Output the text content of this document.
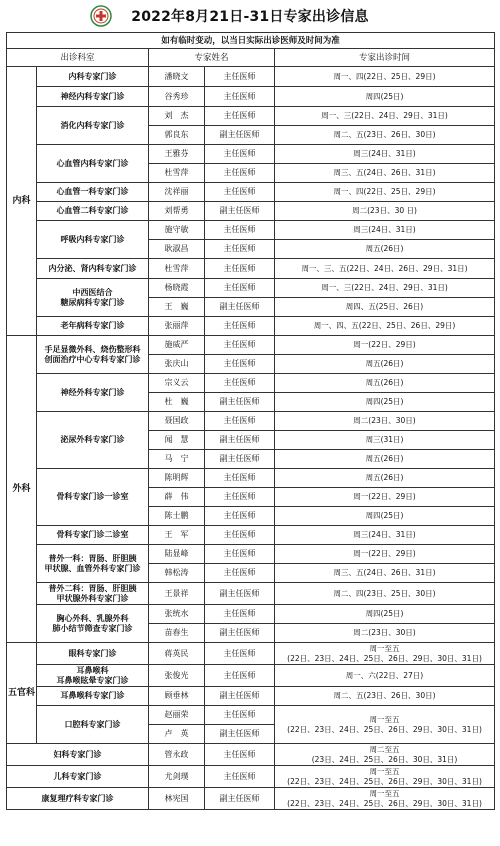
2022年8月21日-31日专家出诊信息
如有临时变动，以当日实际出诊医师及时间为准				
出诊科室		专家姓名		专家出诊时间
内科	内科专家门诊	潘晓文	主任医师	周一、四(22日、25日、29日)
	神经内科专家门诊	谷秀珍	主任医师	周四(25日)
	消化内科专家门诊	刘　杰	主任医师	周一、三(22日、24日、29日、31日)
		郭良东	副主任医师	周二、五(23日、26日、30日)
	心血管内科专家门诊	王雅芬	主任医师	周三(24日、31日)
		杜雪萍	主任医师	周三、五(24日、26日、31日)
	心血管一科专家门诊	沈祥丽	主任医师	周一、四(22日、25日、29日)
	心血管二科专家门诊	刘帮勇	副主任医师	周二(23日、30 日)
	呼吸内科专家门诊	施守敏	主任医师	周三(24日、31日)
		耿淑昌	主任医师	周五(26日)
	内分泌、肾内科专家门诊	杜雪萍	主任医师	周一、三、五(22日、24日、26日、29日、31日)

	中西医结合
糖尿病科专家门诊	杨晓霞	主任医师	周一、三(22日、24日、29日、31日)
		王　巍	副主任医师	周四、五(25日、26日)
	老年病科专家门诊	张丽萍	主任医师	周一、四、五(22日、25日、26日、29日)
外科	手足显微外科、烧伤整形科
创面治疗中心专科专家门诊	施威严	主任医师	周一(22日、29日)
		张庆山	主任医师	周五(26日)
	神经外科专家门诊	宗义云	主任医师	周五(26日)
		杜　巍	副主任医师	周四(25日)
	泌尿外科专家门诊	聂国政	主任医师	周二(23日、30日)
		闻　慧	副主任医师	周三(31日)
		马　宁	副主任医师	周五(26日)
	骨科专家门诊一诊室	陈明辉	主任医师	周五(26日)
		薛　伟	主任医师	周一(22日、29日)
		陈士鹏	主任医师	周四(25日)
	骨科专家门诊二诊室	王　军	主任医师	周三(24日、31日)

	普外一科：胃肠、肝胆胰
甲状腺、血管外科专家门诊	陆显峰	主任医师	周一(22日、29日)
		韩松涛	主任医师	周三、五(24日、26日、31日)

	普外二科：胃肠、肝胆胰
甲状腺外科专家门诊	王景祥	副主任医师	周二、四(23日、25日、30日)

	胸心外科、乳腺外科
肺小结节筛查专家门诊	张统水	主任医师	周四(25日)
		苗春生	副主任医师	周二(23日、30日)
五官科	眼科专家门诊	蒋英民	主任医师	周一至五
(22日、23日、24日、25日、26日、29日、30日、31日)

	耳鼻喉科
耳鼻喉眩晕专家门诊	张俊光	主任医师	周一、六(22日、27日)
	耳鼻喉科专家门诊	顾垂林	副主任医师	周二、五(23日、26日、30日)
	口腔科专家门诊	赵丽荣	主任医师	周一至五
(22日、23日、24日、25日、26日、29日、30日、31日)

		卢　英	副主任医师	
妇科专家门诊		管永政	主任医师	周二至五
(23日、24日、25日、26日、30日、31日)

儿科专家门诊		尤剑璞	主任医师	周一至五
(22日、23日、24日、25日、26日、29日、30日、31日)

康复理疗科专家门诊		林宪国	副主任医师	周一至五
(22日、23日、24日、25日、26日、29日、30日、31日)
